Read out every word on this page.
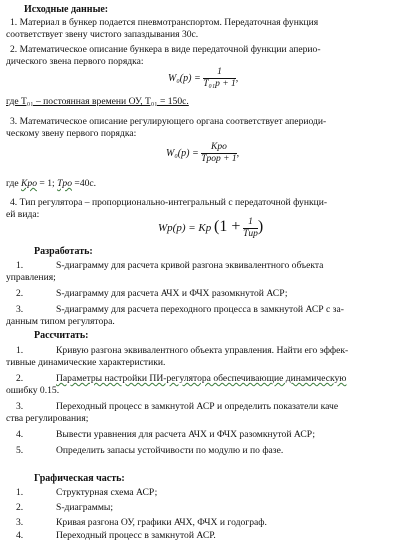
Исходные данные:
1. Материал в бункер подается пневмотранспортом. Передаточная функция
соответствует звену чистого запаздывания 30с.
2. Математическое описание бункера в виде передаточной функции аперио-
дического звена первого порядка:
$W_0(p) = \frac{1}{\text{T₀₁p + 1}}$ ,
где T₀₁ – постоянная времени ОУ, T₀₁ = 150с.
3. Математическое описание регулирующего органа соответствует апериоди-
ческому звену первого порядка:
$W_0(p) = \frac{\text{Kрo}}{\text{Tрop + 1}}$ ,
где Kрo = 1; Tрo =40с.
4. Тип регулятора – пропорционально-интегральный с передаточной функци-
ей вида:
Wр(p) = Kр ($1 + \frac{1}{\text{Tиp}}$ )
Разработать:
1.	S-диаграмму для расчета кривой разгона эквивалентного объекта
управления;
2.	S-диаграмму для расчета АЧХ и ФЧХ разомкнутой АСР;
3.	S-диаграмму для расчета переходного процесса в замкнутой АСР с за-
данным типом регулятора.
Рассчитать:
1.	Кривую разгона эквивалентного объекта управления. Найти его эффек-
тивные динамические характеристики.
2.	Параметры настройки ПИ-регулятора обеспечивающие динамическую
ошибку 0.15.
3.	Переходный процесс в замкнутой АСР и определить показатели каче
ства регулирования;
4.	Вывести уравнения для расчета АЧХ и ФЧХ разомкнутой АСР;
5.	Определить запасы устойчивости по модулю и по фазе.
Графическая часть:
1.	Структурная схема АСР;
2.	S-диаграммы;
3.	Кривая разгона ОУ, графики АЧХ, ФЧХ и годограф.
4.	Переходный процесс в замкнутой АСР.
